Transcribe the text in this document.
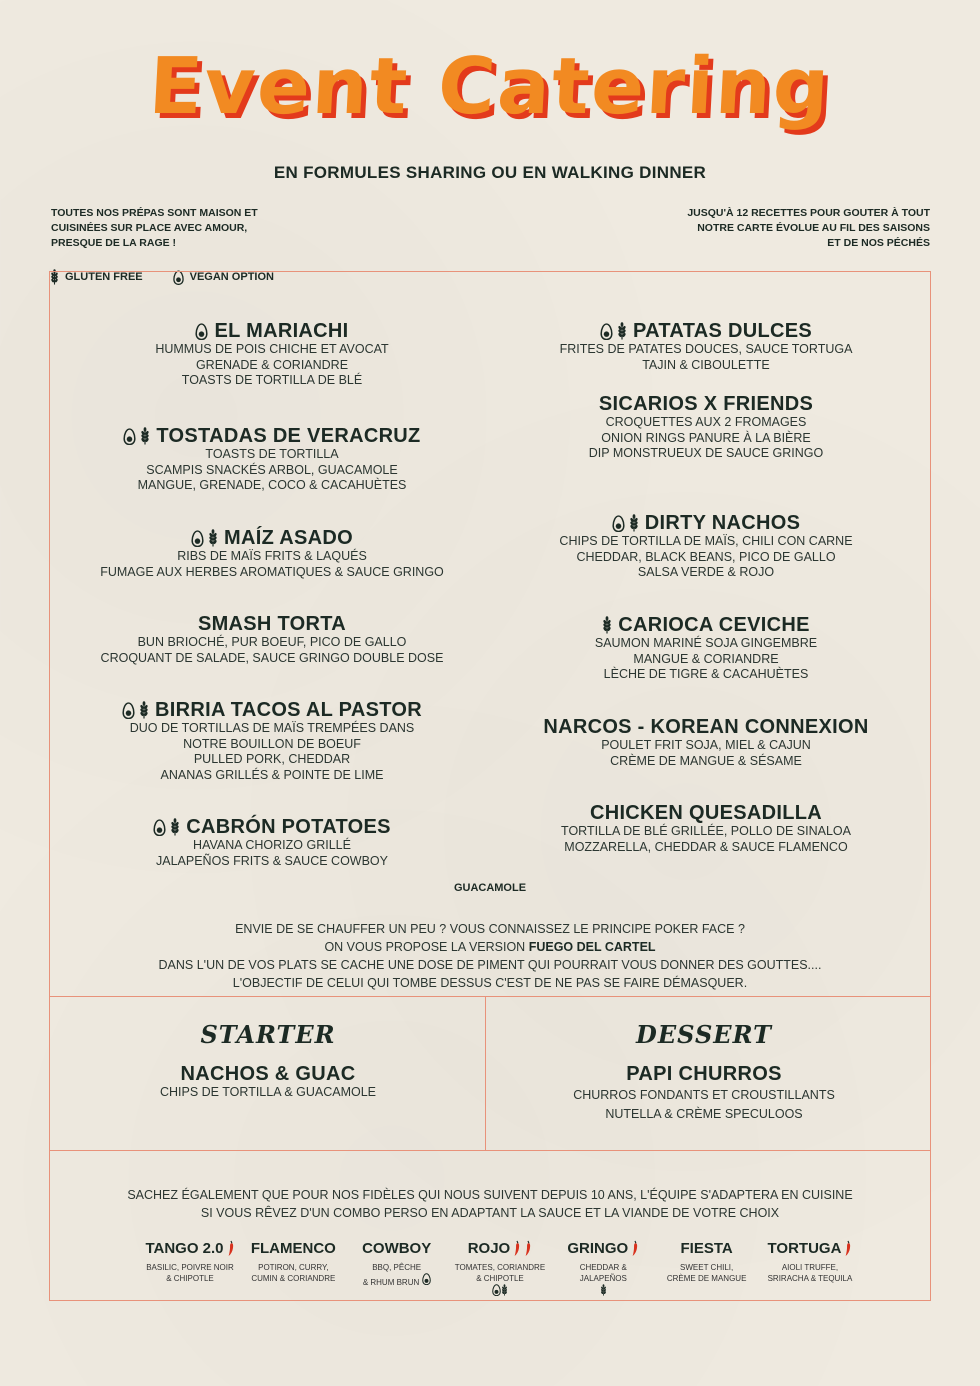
Event Catering
EN FORMULES SHARING OU EN WALKING DINNER
TOUTES NOS PRÉPAS SONT MAISON ET
CUISINÉES SUR PLACE AVEC AMOUR,
PRESQUE DE LA RAGE !
JUSQU'À 12 RECETTES POUR GOUTER À TOUT
NOTRE CARTE ÉVOLUE AU FIL DES SAISONS
ET DE NOS PÉCHÉS
GLUTEN FREE	VEGAN OPTION
EL MARIACHI
HUMMUS DE POIS CHICHE ET AVOCAT
GRENADE & CORIANDRE
TOASTS DE TORTILLA DE BLÉ
TOSTADAS DE VERACRUZ
TOASTS DE TORTILLA
SCAMPIS SNACKÉS ARBOL, GUACAMOLE
MANGUE, GRENADE, COCO & CACAHUÈTES
MAÍZ ASADO
RIBS DE MAÏS FRITS & LAQUÉS
FUMAGE AUX HERBES AROMATIQUES & SAUCE GRINGO
SMASH TORTA
BUN BRIOCHÉ, PUR BOEUF, PICO DE GALLO
CROQUANT DE SALADE, SAUCE GRINGO DOUBLE DOSE
BIRRIA TACOS AL PASTOR
DUO DE TORTILLAS DE MAÏS TREMPÉES DANS
NOTRE BOUILLON DE BOEUF
PULLED PORK, CHEDDAR
ANANAS GRILLÉS & POINTE DE LIME
CABRÓN POTATOES
HAVANA CHORIZO GRILLÉ
JALAPEÑOS FRITS & SAUCE COWBOY
PATATAS DULCES
FRITES DE PATATES DOUCES, SAUCE TORTUGA
TAJIN & CIBOULETTE
SICARIOS X FRIENDS
CROQUETTES AUX 2 FROMAGES
ONION RINGS PANURE À LA BIÈRE
DIP MONSTRUEUX DE SAUCE GRINGO
DIRTY NACHOS
CHIPS DE TORTILLA DE MAÏS, CHILI CON CARNE
CHEDDAR, BLACK BEANS, PICO DE GALLO
SALSA VERDE & ROJO
CARIOCA CEVICHE
SAUMON MARINÉ SOJA GINGEMBRE
MANGUE & CORIANDRE
LÈCHE DE TIGRE & CACAHUÈTES
NARCOS - KOREAN CONNEXION
POULET FRIT SOJA, MIEL & CAJUN
CRÈME DE MANGUE & SÉSAME
CHICKEN QUESADILLA
TORTILLA DE BLÉ GRILLÉE, POLLO DE SINALOA
MOZZARELLA, CHEDDAR & SAUCE FLAMENCO
GUACAMOLE
ENVIE DE SE CHAUFFER UN PEU ? VOUS CONNAISSEZ LE PRINCIPE POKER FACE ?
ON VOUS PROPOSE LA VERSION FUEGO DEL CARTEL
DANS L'UN DE VOS PLATS SE CACHE UNE DOSE DE PIMENT QUI POURRAIT VOUS DONNER DES GOUTTES....
L'OBJECTIF DE CELUI QUI TOMBE DESSUS C'EST DE NE PAS SE FAIRE DÉMASQUER.
STARTER
NACHOS & GUAC
CHIPS DE TORTILLA & GUACAMOLE
DESSERT
PAPI CHURROS
CHURROS FONDANTS ET CROUSTILLANTS
NUTELLA & CRÈME SPECULOOS
SACHEZ ÉGALEMENT QUE POUR NOS FIDÈLES QUI NOUS SUIVENT DEPUIS 10 ANS, L'ÉQUIPE S'ADAPTERA EN CUISINE
SI VOUS RÊVEZ D'UN COMBO PERSO EN ADAPTANT LA SAUCE ET LA VIANDE DE VOTRE CHOIX
TANGO 2.0
BASILIC, POIVRE NOIR
& CHIPOTLE
FLAMENCO
POTIRON, CURRY,
CUMIN & CORIANDRE
COWBOY
BBQ, PÊCHE
& RHUM BRUN
ROJO
TOMATES, CORIANDRE
& CHIPOTLE

GRINGO
CHEDDAR &
JALAPEÑOS

FIESTA
SWEET CHILI,
CRÈME DE MANGUE
TORTUGA
AIOLI TRUFFE,
SRIRACHA & TEQUILA
